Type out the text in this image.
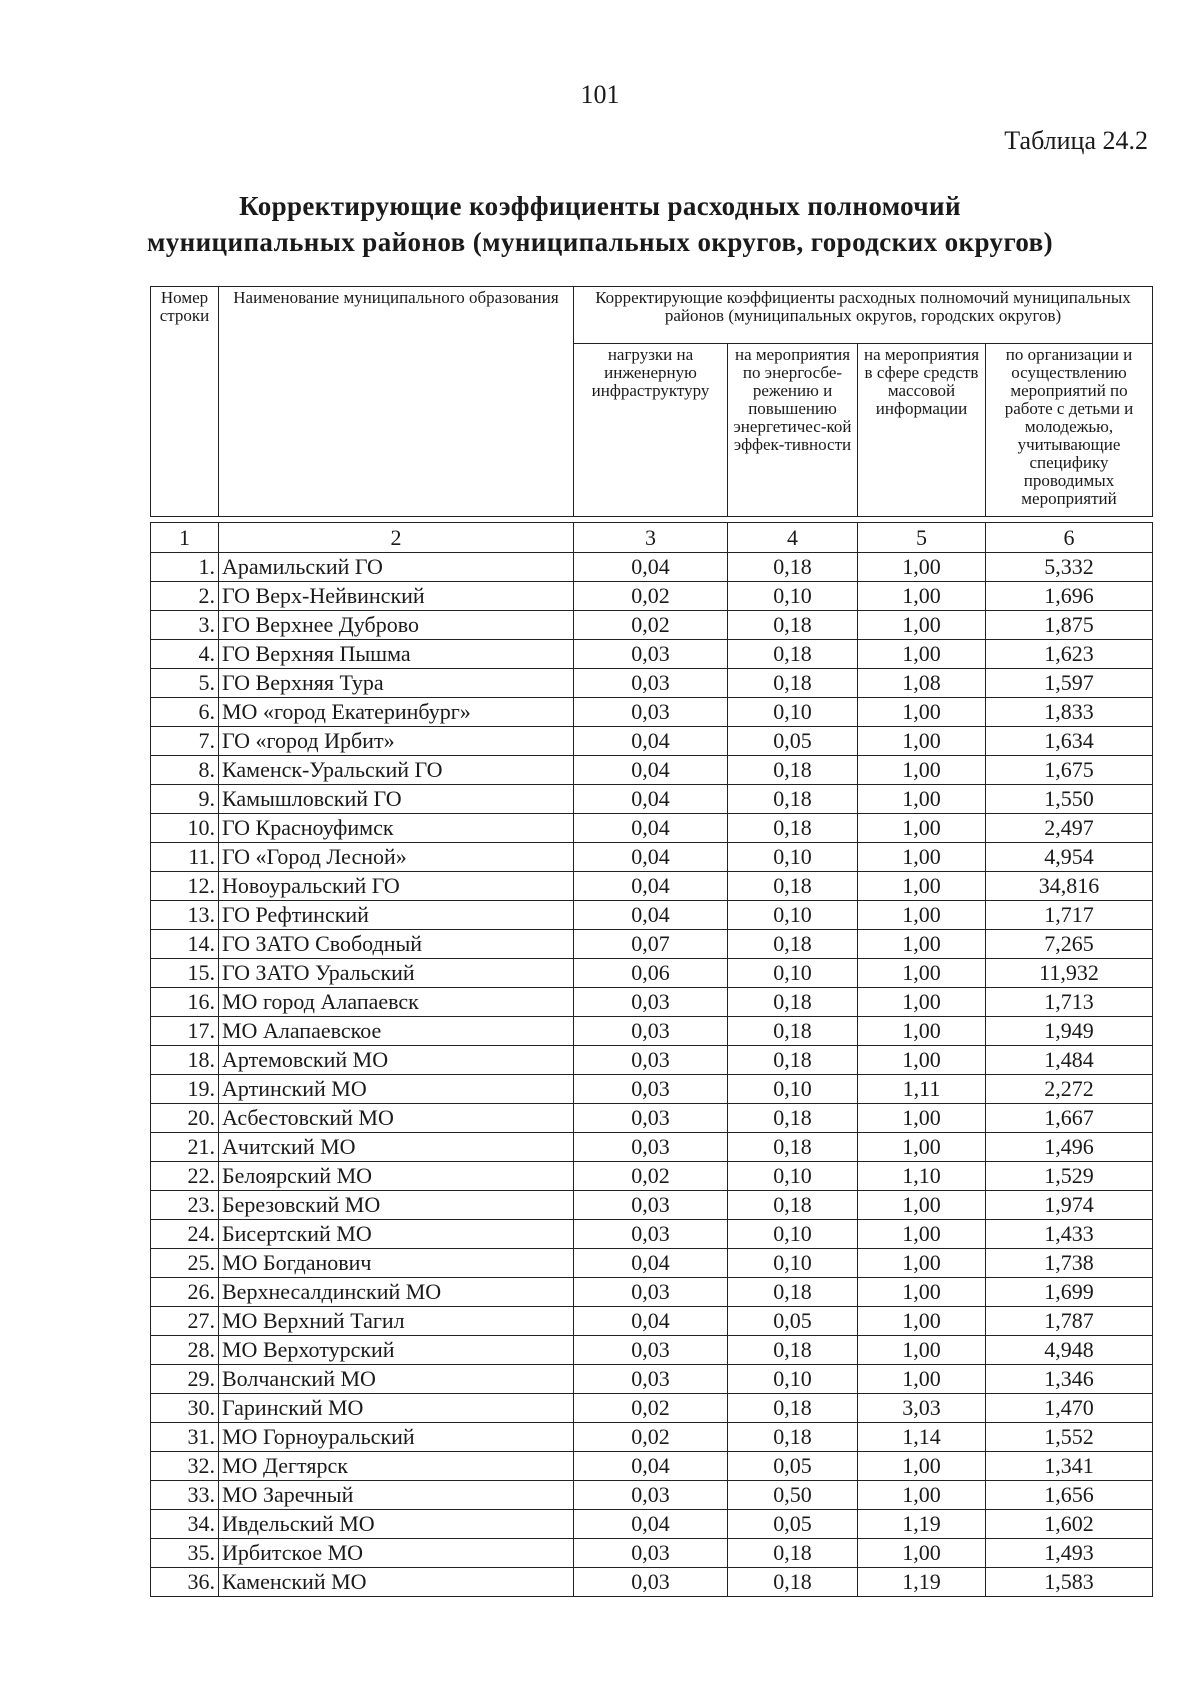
101
Таблица 24.2
Корректирующие коэффициенты расходных полномочий
муниципальных районов (муниципальных округов, городских округов)
Номер строки	Наименование муниципального образования	Корректирующие коэффициенты расходных полномочий муниципальных районов (муниципальных округов, городских округов)			
		нагрузки на инженерную инфраструктуру	на мероприятия по энергосбе-режению и повышению энергетичес-кой эффек-тивности	на мероприятия в сфере средств массовой информации	по организации и осуществлению мероприятий по работе с детьми и молодежью, учитывающие специфику проводимых мероприятий
1	2	3	4	5	6
1.	Арамильский ГО	0,04	0,18	1,00	5,332
2.	ГО Верх-Нейвинский	0,02	0,10	1,00	1,696
3.	ГО Верхнее Дуброво	0,02	0,18	1,00	1,875
4.	ГО Верхняя Пышма	0,03	0,18	1,00	1,623
5.	ГО Верхняя Тура	0,03	0,18	1,08	1,597
6.	МО «город Екатеринбург»	0,03	0,10	1,00	1,833
7.	ГО «город Ирбит»	0,04	0,05	1,00	1,634
8.	Каменск-Уральский ГО	0,04	0,18	1,00	1,675
9.	Камышловский ГО	0,04	0,18	1,00	1,550
10.	ГО Красноуфимск	0,04	0,18	1,00	2,497
11.	ГО «Город Лесной»	0,04	0,10	1,00	4,954
12.	Новоуральский ГО	0,04	0,18	1,00	34,816
13.	ГО Рефтинский	0,04	0,10	1,00	1,717
14.	ГО ЗАТО Свободный	0,07	0,18	1,00	7,265
15.	ГО ЗАТО Уральский	0,06	0,10	1,00	11,932
16.	МО город Алапаевск	0,03	0,18	1,00	1,713
17.	МО Алапаевское	0,03	0,18	1,00	1,949
18.	Артемовский МО	0,03	0,18	1,00	1,484
19.	Артинский МО	0,03	0,10	1,11	2,272
20.	Асбестовский МО	0,03	0,18	1,00	1,667
21.	Ачитский МО	0,03	0,18	1,00	1,496
22.	Белоярский МО	0,02	0,10	1,10	1,529
23.	Березовский МО	0,03	0,18	1,00	1,974
24.	Бисертский МО	0,03	0,10	1,00	1,433
25.	МО Богданович	0,04	0,10	1,00	1,738
26.	Верхнесалдинский МО	0,03	0,18	1,00	1,699
27.	МО Верхний Тагил	0,04	0,05	1,00	1,787
28.	МО Верхотурский	0,03	0,18	1,00	4,948
29.	Волчанский МО	0,03	0,10	1,00	1,346
30.	Гаринский МО	0,02	0,18	3,03	1,470
31.	МО Горноуральский	0,02	0,18	1,14	1,552
32.	МО Дегтярск	0,04	0,05	1,00	1,341
33.	МО Заречный	0,03	0,50	1,00	1,656
34.	Ивдельский МО	0,04	0,05	1,19	1,602
35.	Ирбитское МО	0,03	0,18	1,00	1,493
36.	Каменский МО	0,03	0,18	1,19	1,583
